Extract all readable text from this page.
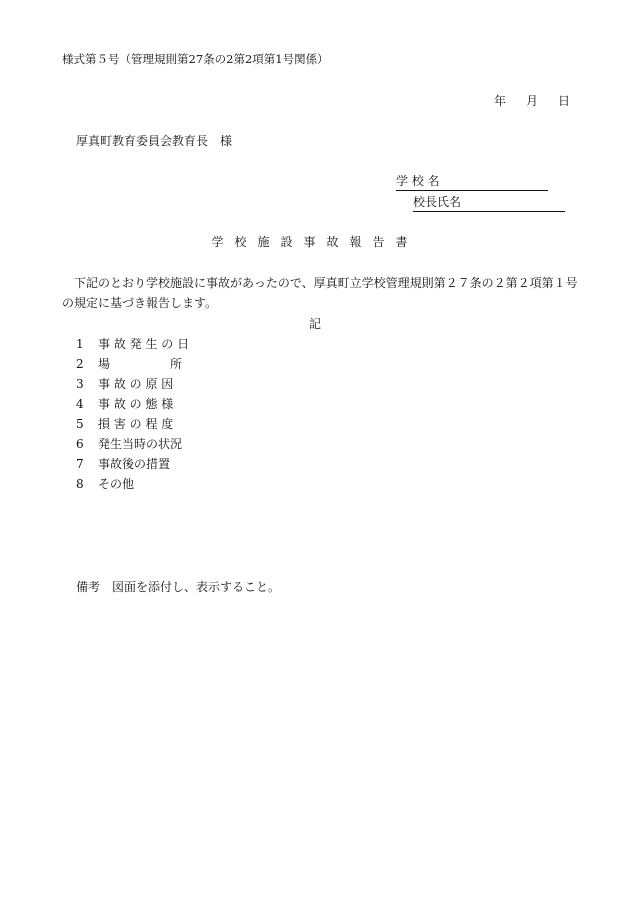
様式第５号（管理規則第27条の2第2項第1号関係）
年 月 日
厚真町教育委員会教育長　様
学 校 名
校長氏名
学校施設事故報告書
下記のとおり学校施設に事故があったので、厚真町立学校管理規則第２７条の２第２項第１号の規定に基づき報告します。
記
1	事 故 発 生 の 日
2	場　　　　　所
3	事 故 の 原 因
4	事 故 の 態 様
5	損 害 の 程 度
6	発生当時の状況
7	事故後の措置
8	その他
備考　図面を添付し、表示すること。
